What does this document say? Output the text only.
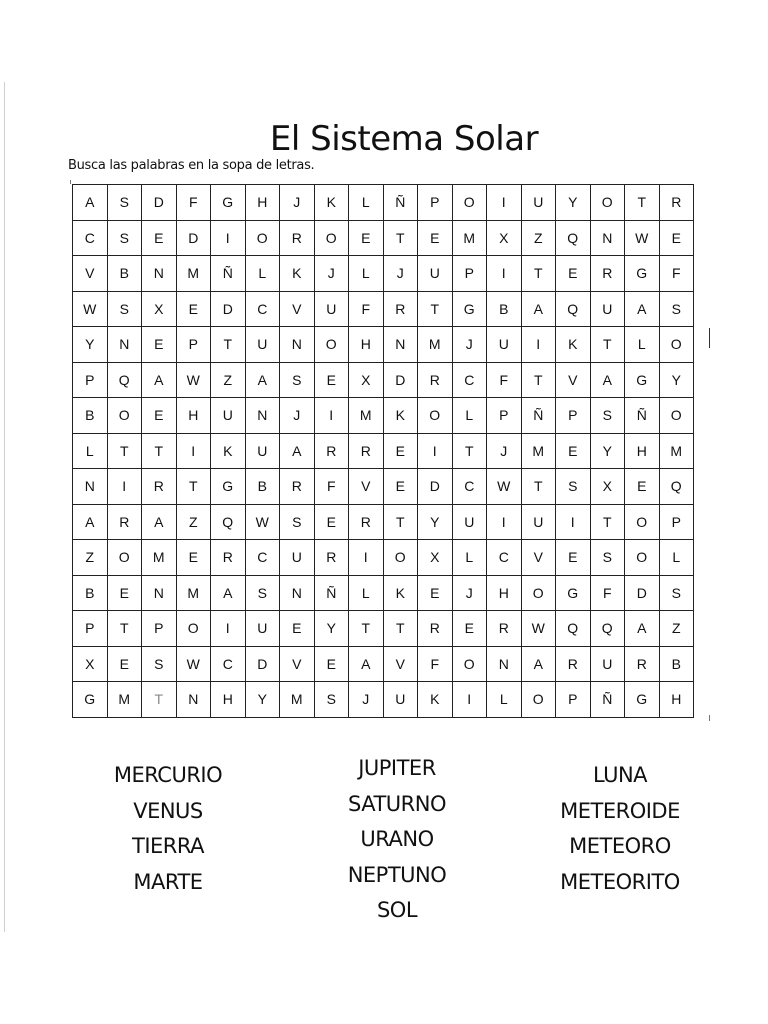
El Sistema Solar
Busca las palabras en la sopa de letras.
A	S	D	F	G	H	J	K	L	Ñ	P	O	I	U	Y	O	T	R
C	S	E	D	I	O	R	O	E	T	E	M	X	Z	Q	N	W	E
V	B	N	M	Ñ	L	K	J	L	J	U	P	I	T	E	R	G	F
W	S	X	E	D	C	V	U	F	R	T	G	B	A	Q	U	A	S
Y	N	E	P	T	U	N	O	H	N	M	J	U	I	K	T	L	O
P	Q	A	W	Z	A	S	E	X	D	R	C	F	T	V	A	G	Y
B	O	E	H	U	N	J	I	M	K	O	L	P	Ñ	P	S	Ñ	O
L	T	T	I	K	U	A	R	R	E	I	T	J	M	E	Y	H	M
N	I	R	T	G	B	R	F	V	E	D	C	W	T	S	X	E	Q
A	R	A	Z	Q	W	S	E	R	T	Y	U	I	U	I	T	O	P
Z	O	M	E	R	C	U	R	I	O	X	L	C	V	E	S	O	L
B	E	N	M	A	S	N	Ñ	L	K	E	J	H	O	G	F	D	S
P	T	P	O	I	U	E	Y	T	T	R	E	R	W	Q	Q	A	Z
X	E	S	W	C	D	V	E	A	V	F	O	N	A	R	U	R	B
G	M	T	N	H	Y	M	S	J	U	K	I	L	O	P	Ñ	G	H
MERCURIO
VENUS
TIERRA
MARTE
JUPITER
SATURNO
URANO
NEPTUNO
SOL
LUNA
METEROIDE
METEORO
METEORITO
